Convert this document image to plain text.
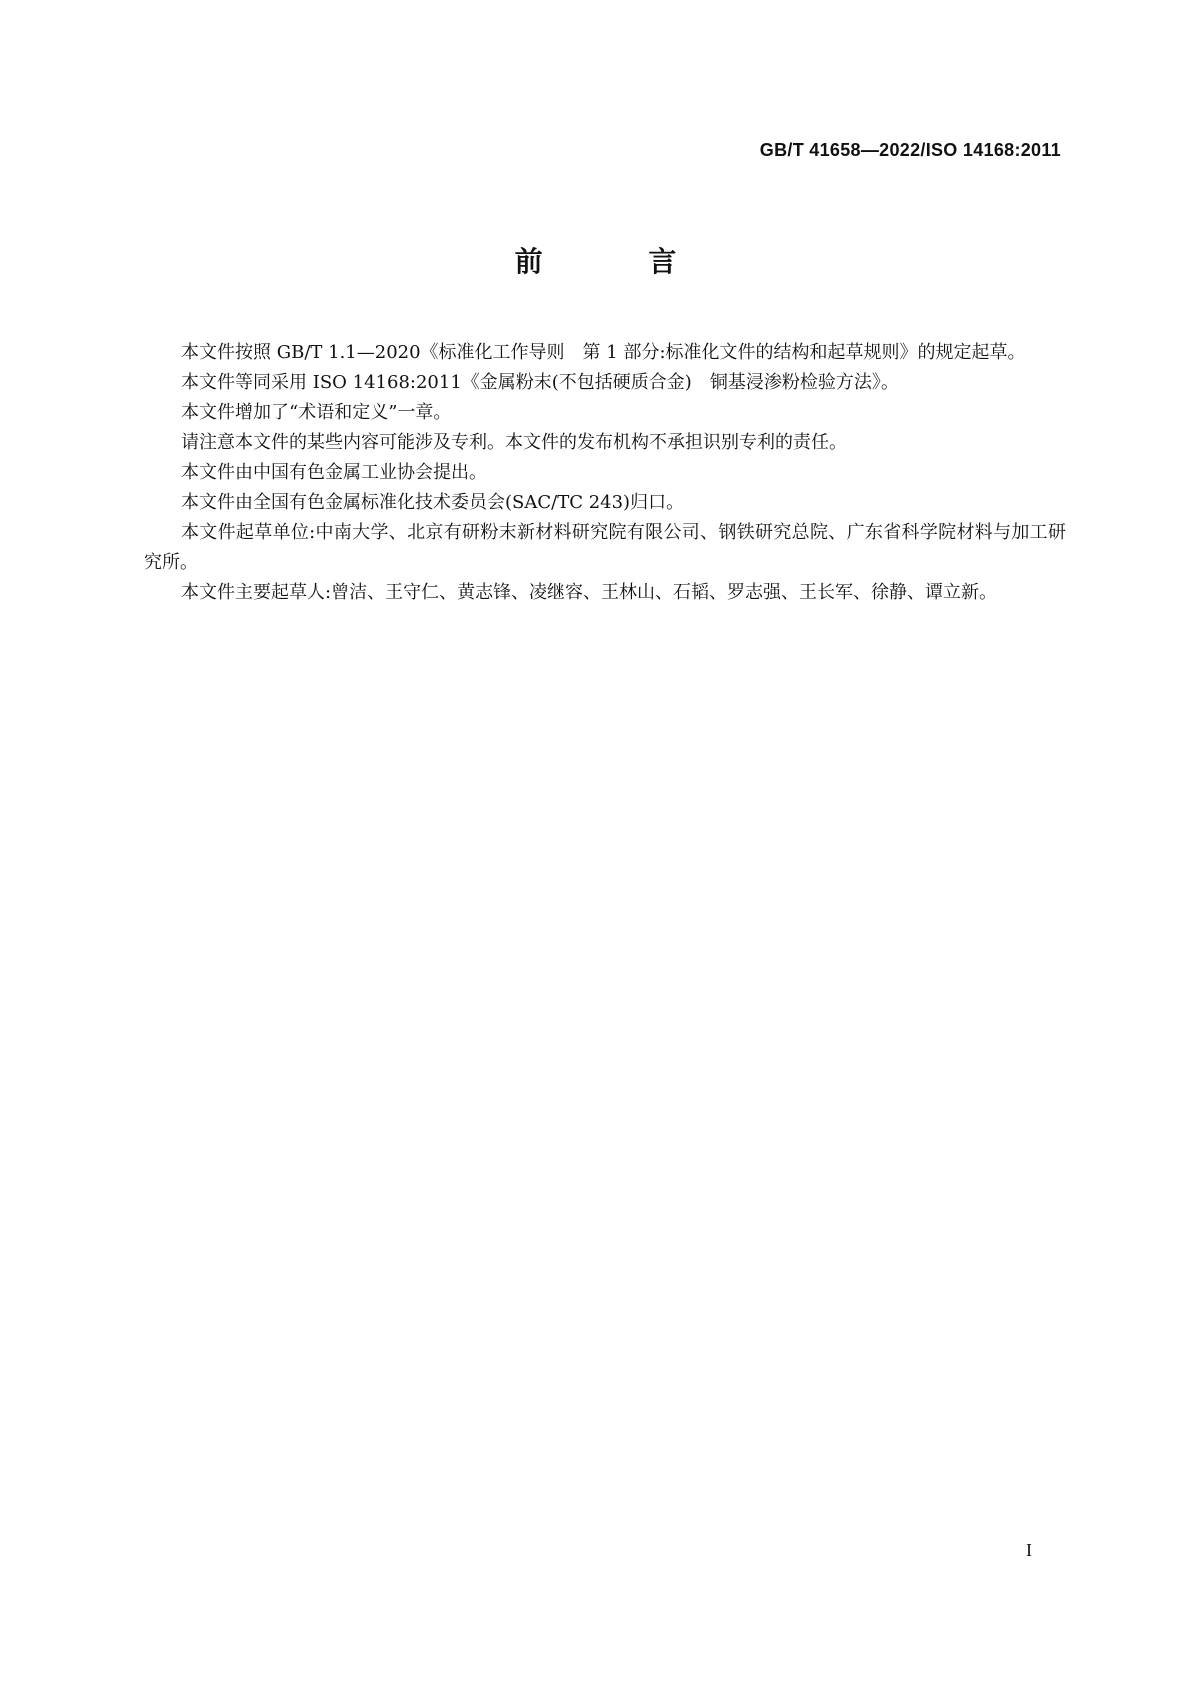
GB/T 41658—2022/ISO 14168:2011
前 言

本文件按照 GB/T 1.1—2020《标准化工作导则　第 1 部分:标准化文件的结构和起草规则》的规定起草。

本文件等同采用 ISO 14168:2011《金属粉末(不包括硬质合金)　铜基浸渗粉检验方法》。

本文件增加了“术语和定义”一章。

请注意本文件的某些内容可能涉及专利。本文件的发布机构不承担识别专利的责任。

本文件由中国有色金属工业协会提出。

本文件由全国有色金属标准化技术委员会(SAC/TC 243)归口。

本文件起草单位:中南大学、北京有研粉末新材料研究院有限公司、钢铁研究总院、广东省科学院材料与加工研究所。

本文件主要起草人:曾洁、王守仁、黄志锋、凌继容、王林山、石韬、罗志强、王长军、徐静、谭立新。

I
